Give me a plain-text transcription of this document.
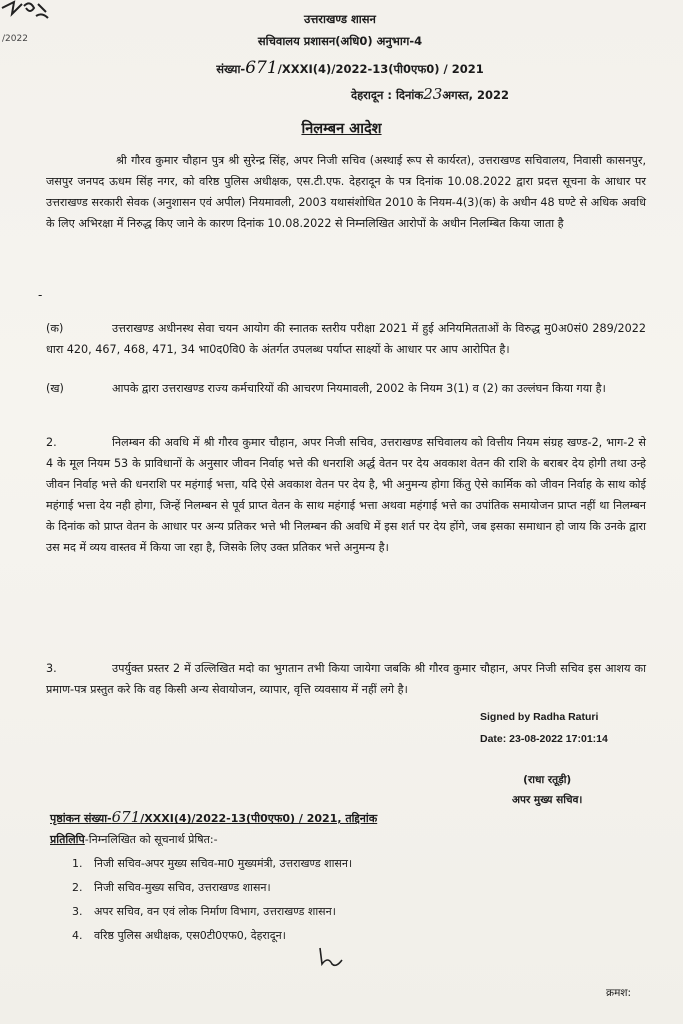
/2022
उत्तराखण्ड शासन
सचिवालय प्रशासन(अधि0) अनुभाग-4
संख्या-671/XXXI(4)/2022-13(पी0एफ0) / 2021
देहरादून : दिनांक23अगस्त, 2022
निलम्बन आदेश
श्री गौरव कुमार चौहान पुत्र श्री सुरेन्द्र सिंह, अपर निजी सचिव (अस्थाई रूप से कार्यरत), उत्तराखण्ड सचिवालय, निवासी कासनपुर, जसपुर जनपद ऊधम सिंह नगर, को वरिष्ठ पुलिस अधीक्षक, एस.टी.एफ. देहरादून के पत्र दिनांक 10.08.2022 द्वारा प्रदत्त सूचना के आधार पर उत्तराखण्ड सरकारी सेवक (अनुशासन एवं अपील) नियमावली, 2003 यथासंशोधित 2010 के नियम-4(3)(क) के अधीन 48 घण्टे से अधिक अवधि के लिए अभिरक्षा में निरुद्ध किए जाने के कारण दिनांक 10.08.2022 से निम्नलिखित आरोपों के अधीन निलम्बित किया जाता है
-
(क)	उत्तराखण्ड अधीनस्थ सेवा चयन आयोग की स्नातक स्तरीय परीक्षा 2021 में हुई अनियमितताओं के विरुद्ध मु0अ0सं0 289/2022 धारा 420, 467, 468, 471, 34 भा0द0वि0 के अंतर्गत उपलब्ध पर्याप्त साक्ष्यों के आधार पर आप आरोपित है।
(ख)	आपके द्वारा उत्तराखण्ड राज्य कर्मचारियों की आचरण नियमावली, 2002 के नियम 3(1) व (2) का उल्लंघन किया गया है।
2.	निलम्बन की अवधि में श्री गौरव कुमार चौहान, अपर निजी सचिव, उत्तराखण्ड सचिवालय को वित्तीय नियम संग्रह खण्ड-2, भाग-2 से 4 के मूल नियम 53 के प्राविधानों के अनुसार जीवन निर्वाह भत्ते की धनराशि अर्द्ध वेतन पर देय अवकाश वेतन की राशि के बराबर देय होगी तथा उन्हे जीवन निर्वाह भत्ते की धनराशि पर महंगाई भत्ता, यदि ऐसे अवकाश वेतन पर देय है, भी अनुमन्य होगा किंतु ऐसे कार्मिक को जीवन निर्वाह के साथ कोई महंगाई भत्ता देय नही होगा, जिन्हें निलम्बन से पूर्व प्राप्त वेतन के साथ महंगाई भत्ता अथवा महंगाई भत्ते का उपांतिक समायोजन प्राप्त नहीं था निलम्बन के दिनांक को प्राप्त वेतन के आधार पर अन्य प्रतिकर भत्ते भी निलम्बन की अवधि में इस शर्त पर देय होंगे, जब इसका समाधान हो जाय कि उनके द्वारा उस मद में व्यय वास्तव में किया जा रहा है, जिसके लिए उक्त प्रतिकर भत्ते अनुमन्य है।
3.	उपर्युक्त प्रस्तर 2 में उल्लिखित मदो का भुगतान तभी किया जायेगा जबकि श्री गौरव कुमार चौहान, अपर निजी सचिव इस आशय का प्रमाण-पत्र प्रस्तुत करे कि वह किसी अन्य सेवायोजन, व्यापार, वृत्ति व्यवसाय में नहीं लगे है।
Signed by Radha Raturi
Date: 23-08-2022 17:01:14
(राधा रतूड़ी)
अपर मुख्य सचिव।
पृष्ठांकन संख्या-671/XXXI(4)/2022-13(पी0एफ0) / 2021, तद्दिनांक
प्रतिलिपि-निम्नलिखित को सूचनार्थ प्रेषित:-
1. निजी सचिव-अपर मुख्य सचिव-मा0 मुख्यमंत्री, उत्तराखण्ड शासन।
2. निजी सचिव-मुख्य सचिव, उत्तराखण्ड शासन।
3. अपर सचिव, वन एवं लोक निर्माण विभाग, उत्तराखण्ड शासन।
4. वरिष्ठ पुलिस अधीक्षक, एस0टी0एफ0, देहरादून।
क्रमश:
